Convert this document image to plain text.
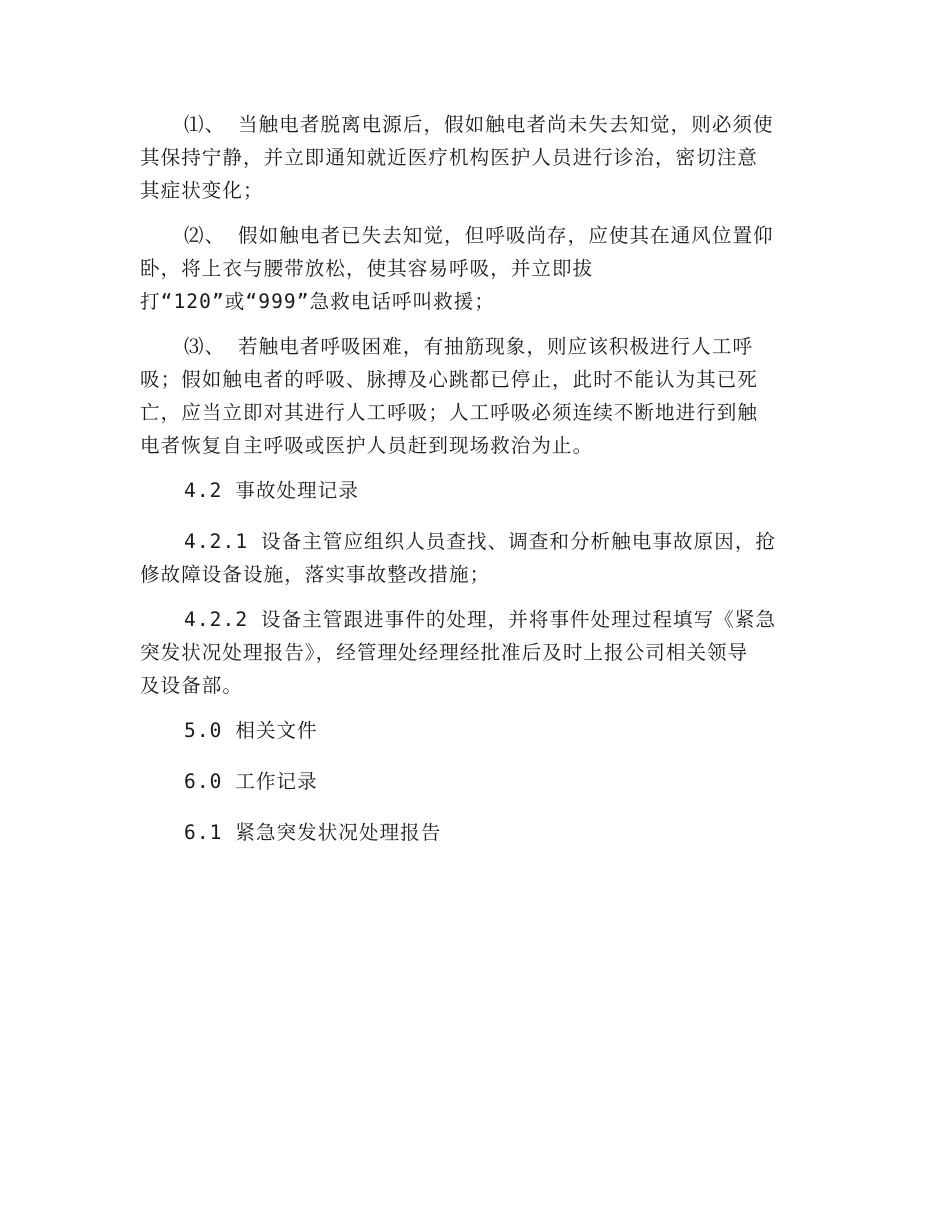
⑴、 当触电者脱离电源后，假如触电者尚未失去知觉，则必须使
其保持宁静，并立即通知就近医疗机构医护人员进行诊治，密切注意
其症状变化；

⑵、 假如触电者已失去知觉，但呼吸尚存，应使其在通风位置仰
卧，将上衣与腰带放松，使其容易呼吸，并立即拔
打“120”或“999”急救电话呼叫救援；

⑶、 若触电者呼吸困难，有抽筋现象，则应该积极进行人工呼
吸；假如触电者的呼吸、脉搏及心跳都已停止，此时不能认为其已死
亡，应当立即对其进行人工呼吸；人工呼吸必须连续不断地进行到触
电者恢复自主呼吸或医护人员赶到现场救治为止。

4.2 事故处理记录

4.2.1 设备主管应组织人员查找、调查和分析触电事故原因，抢
修故障设备设施，落实事故整改措施；

4.2.2 设备主管跟进事件的处理，并将事件处理过程填写《紧急
突发状况处理报告》，经管理处经理经批准后及时上报公司相关领导
及设备部。

5.0 相关文件

6.0 工作记录

6.1 紧急突发状况处理报告
